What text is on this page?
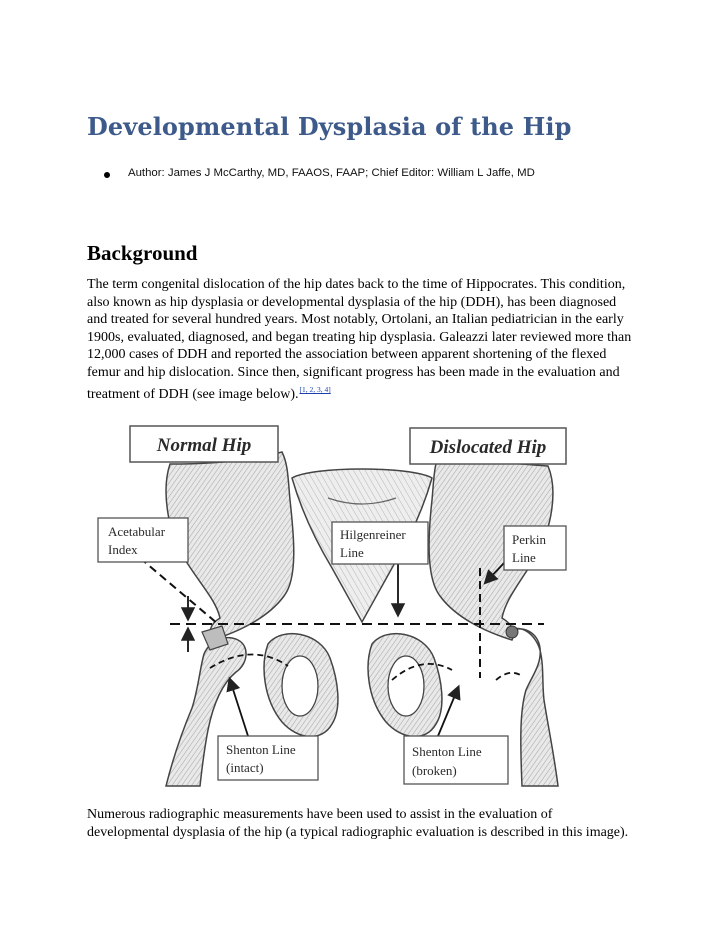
Developmental Dysplasia of the Hip

Author: James J McCarthy, MD, FAAOS, FAAP; Chief Editor: William L Jaffe, MD

Background

The term congenital dislocation of the hip dates back to the time of Hippocrates. This condition,
also known as hip dysplasia or developmental dysplasia of the hip (DDH), has been diagnosed
and treated for several hundred years. Most notably, Ortolani, an Italian pediatrician in the early
1900s, evaluated, diagnosed, and began treating hip dysplasia. Galeazzi later reviewed more than
12,000 cases of DDH and reported the association between apparent shortening of the flexed
femur and hip dislocation. Since then, significant progress has been made in the evaluation and
treatment of DDH (see image below).[1, 2, 3, 4]

Normal Hip	Dislocated Hip
Acetabular
Index
Hilgenreiner
Line
Perkin
Line
Shenton Line
(intact)
Shenton Line
(broken)

Numerous radiographic measurements have been used to assist in the evaluation of
developmental dysplasia of the hip (a typical radiographic evaluation is described in this image).
